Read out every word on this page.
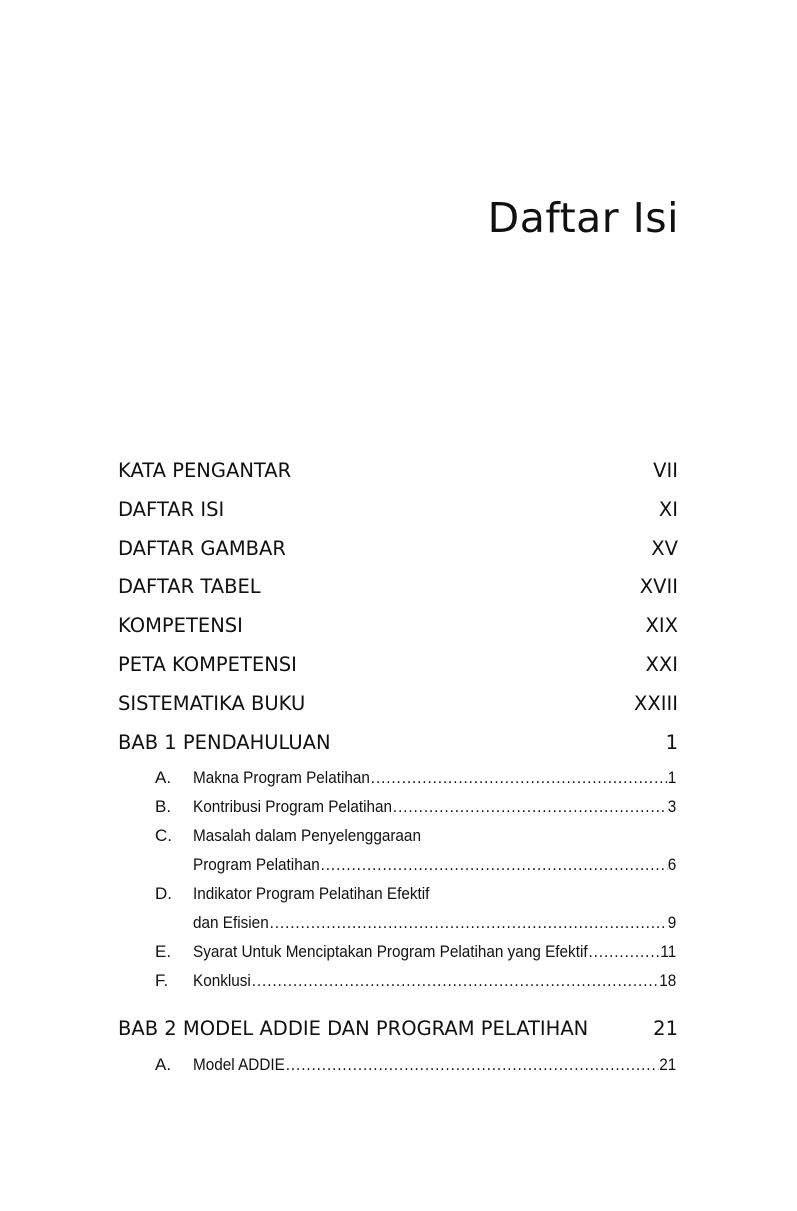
Daftar Isi
KATA PENGANTAR	VII
DAFTAR ISI	XI
DAFTAR GAMBAR	XV
DAFTAR TABEL	XVII
KOMPETENSI	XIX
PETA KOMPETENSI	XXI
SISTEMATIKA BUKU	XXIII
BAB 1 PENDAHULUAN	1
A. Makna Program Pelatihan .....	1
B. Kontribusi Program Pelatihan .....	3
C. Masalah dalam Penyelenggaraan
Program Pelatihan .....	6
D. Indikator Program Pelatihan Efektif
dan Efisien .....	9
E. Syarat Untuk Menciptakan Program Pelatihan yang Efektif .....	11
F. Konklusi .....	18
BAB 2 MODEL ADDIE DAN PROGRAM PELATIHAN	21
A. Model ADDIE .....	21
